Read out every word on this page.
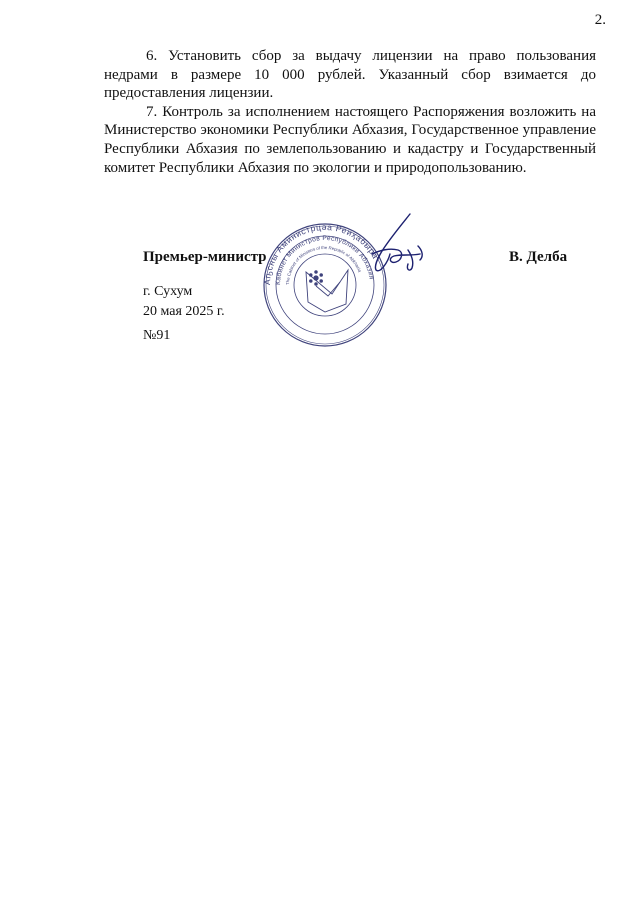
2.

6. Установить сбор за выдачу лицензии на право пользования недрами в размере 10 000 рублей. Указанный сбор взимается до предоставления лицензии.

7. Контроль за исполнением настоящего Распоряжения возложить на Министерство экономики Республики Абхазия, Государственное управление Республики Абхазия по землепользованию и кадастру и Государственный комитет Республики Абхазия по экологии и природопользованию.

Премьер-министр	В. Делба
Аҧсны Аминистрцәа Реиҳабыра
Кабинет Министров Республики Абхазия
The Cabinet of Ministers of the Republic of Abkhazia
г. Сухум
20 мая 2025 г.
№91
